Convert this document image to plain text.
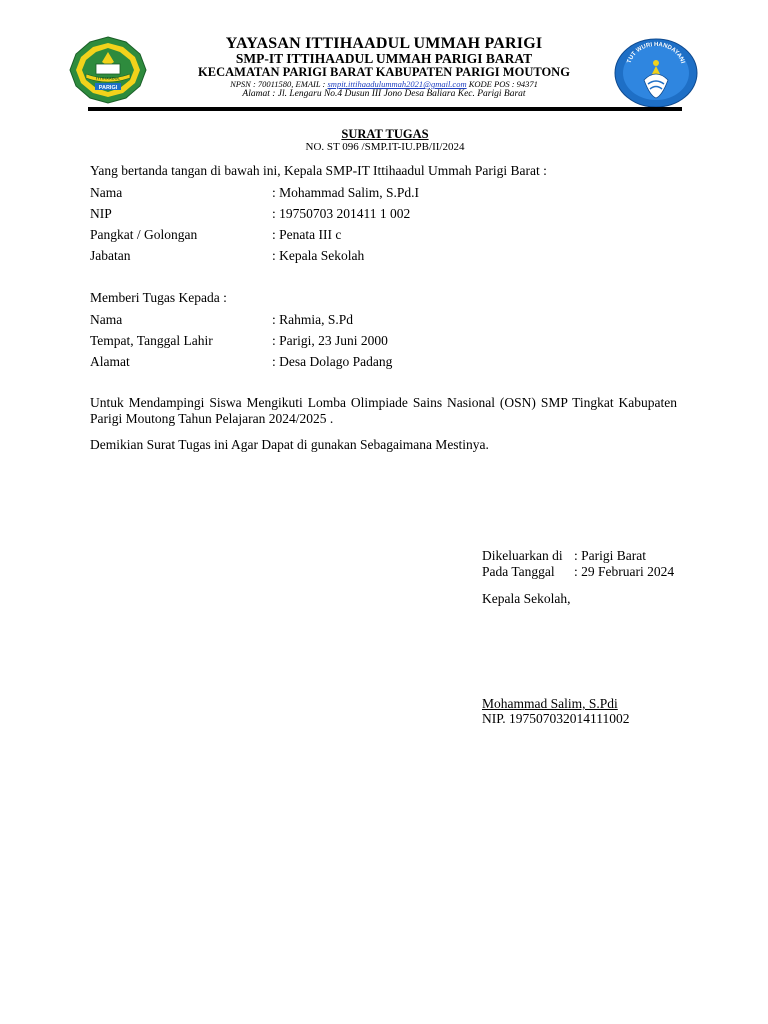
ITTIHAADUL
PARIGI
YAYASAN ITTIHAADUL UMMAH PARIGI
SMP-IT ITTIHAADUL UMMAH PARIGI BARAT
KECAMATAN PARIGI BARAT KABUPATEN PARIGI MOUTONG
NPSN : 70011580, EMAIL : smpit.ittihaadulummah2021@gmail.com KODE POS : 94371
Alamat : Jl. Lengaru No.4 Dusun III Jono Desa Baliara Kec. Parigi Barat
TUT WURI HANDAYANI
SURAT TUGAS
NO. ST 096 /SMP.IT-IU.PB/II/2024
Yang bertanda tangan di bawah ini, Kepala SMP-IT Ittihaadul Ummah Parigi Barat :
Nama	: Mohammad Salim, S.Pd.I
NIP	: 19750703 201411 1 002
Pangkat / Golongan	: Penata III c
Jabatan	: Kepala Sekolah
Memberi Tugas Kepada :
Nama	: Rahmia, S.Pd
Tempat, Tanggal Lahir	: Parigi, 23 Juni 2000
Alamat	: Desa Dolago Padang
Untuk Mendampingi Siswa Mengikuti Lomba Olimpiade Sains Nasional (OSN) SMP Tingkat Kabupaten Parigi Moutong Tahun Pelajaran 2024/2025 .
Demikian Surat Tugas ini Agar Dapat di gunakan Sebagaimana Mestinya.
Dikeluarkan di : Parigi Barat
Pada Tanggal : 29 Februari 2024
Kepala Sekolah,
Mohammad Salim, S.Pdi
NIP. 197507032014111002
